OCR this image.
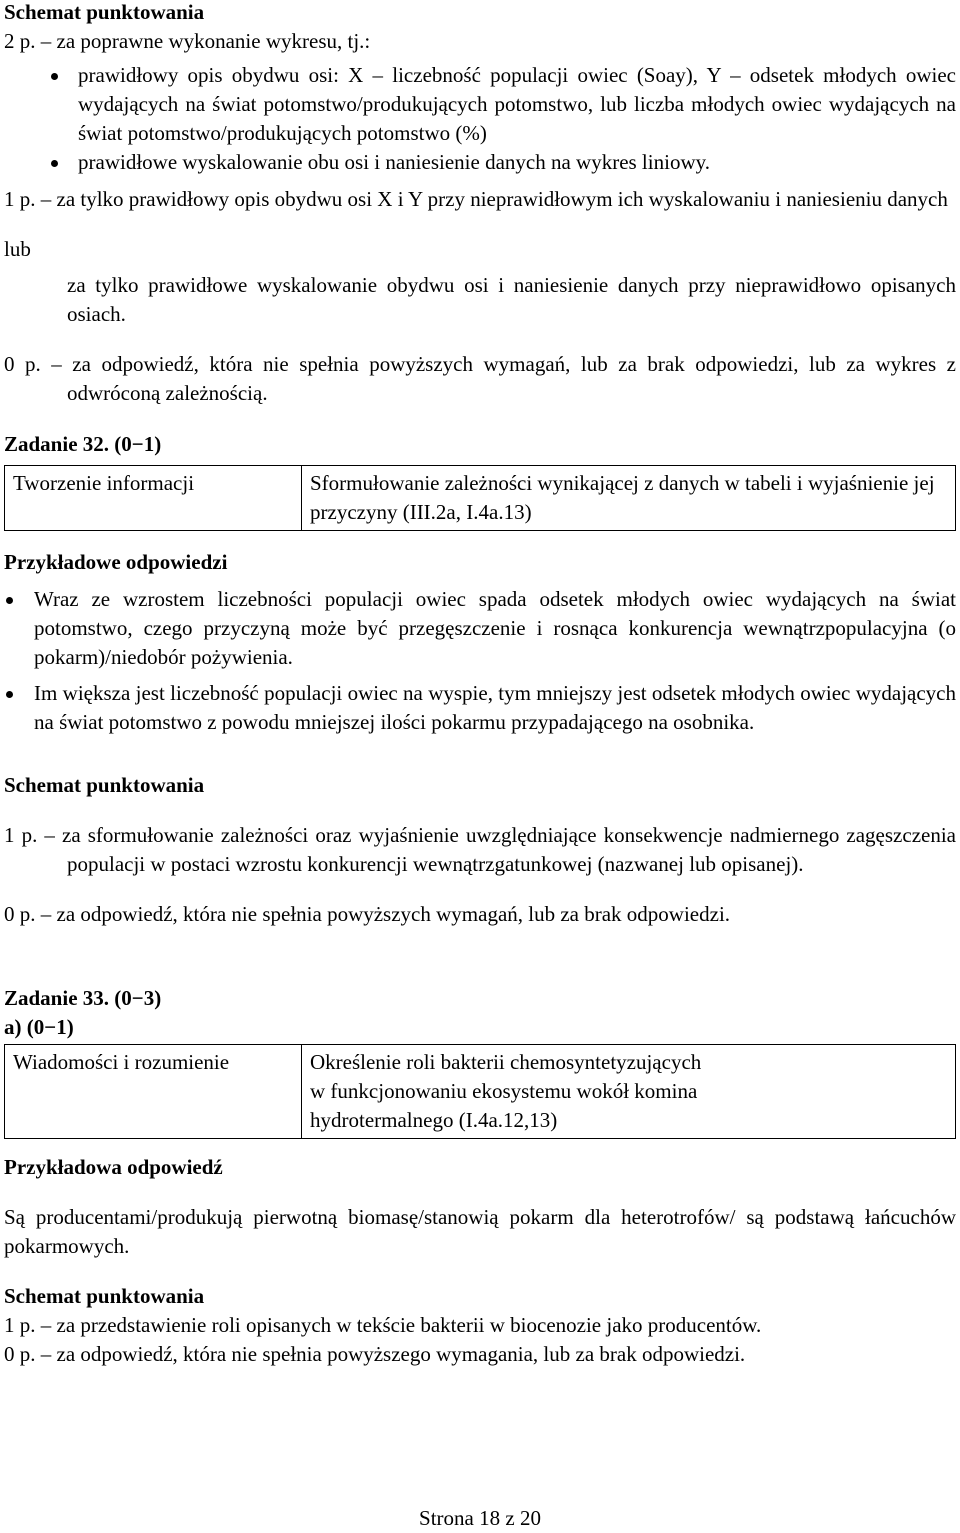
Schemat punktowania

2 p. – za poprawne wykonanie wykresu, tj.:

prawidłowy opis obydwu osi: X – liczebność populacji owiec (Soay), Y – odsetek młodych owiec wydających na świat potomstwo/produkujących potomstwo, lub liczba młodych owiec wydających na świat potomstwo/produkujących potomstwo (%)
prawidłowe wyskalowanie obu osi i naniesienie danych na wykres liniowy.

1 p. – za tylko prawidłowy opis obydwu osi X i Y przy nieprawidłowym ich wyskalowaniu i naniesieniu danych

lub

za tylko prawidłowe wyskalowanie obydwu osi i naniesienie danych przy nieprawidłowo opisanych osiach.

0 p. – za odpowiedź, która nie spełnia powyższych wymagań, lub za brak odpowiedzi, lub za wykres z odwróconą zależnością.

Zadanie 32. (0−1)

Tworzenie informacji	Sformułowanie zależności wynikającej z danych w tabeli i wyjaśnienie jej przyczyny (III.2a, I.4a.13)

Przykładowe odpowiedzi

Wraz ze wzrostem liczebności populacji owiec spada odsetek młodych owiec wydających na świat potomstwo, czego przyczyną może być przegęszczenie i rosnąca konkurencja wewnątrzpopulacyjna (o pokarm)/niedobór pożywienia.
Im większa jest liczebność populacji owiec na wyspie, tym mniejszy jest odsetek młodych owiec wydających na świat potomstwo z powodu mniejszej ilości pokarmu przypadającego na osobnika.

Schemat punktowania

1 p. – za sformułowanie zależności oraz wyjaśnienie uwzględniające konsekwencje nadmiernego zagęszczenia populacji w postaci wzrostu konkurencji wewnątrzgatunkowej (nazwanej lub opisanej).

0 p. – za odpowiedź, która nie spełnia powyższych wymagań, lub za brak odpowiedzi.

Zadanie 33. (0−3)

a) (0−1)

Wiadomości i rozumienie	Określenie roli bakterii chemosyntetyzujących
w funkcjonowaniu ekosystemu wokół komina
hydrotermalnego (I.4a.12,13)

Przykładowa odpowiedź

Są producentami/produkują pierwotną biomasę/stanowią pokarm dla heterotrofów/ są podstawą łańcuchów pokarmowych.

Schemat punktowania

1 p. – za przedstawienie roli opisanych w tekście bakterii w biocenozie jako producentów.

0 p. – za odpowiedź, która nie spełnia powyższego wymagania, lub za brak odpowiedzi.

Strona 18 z 20
